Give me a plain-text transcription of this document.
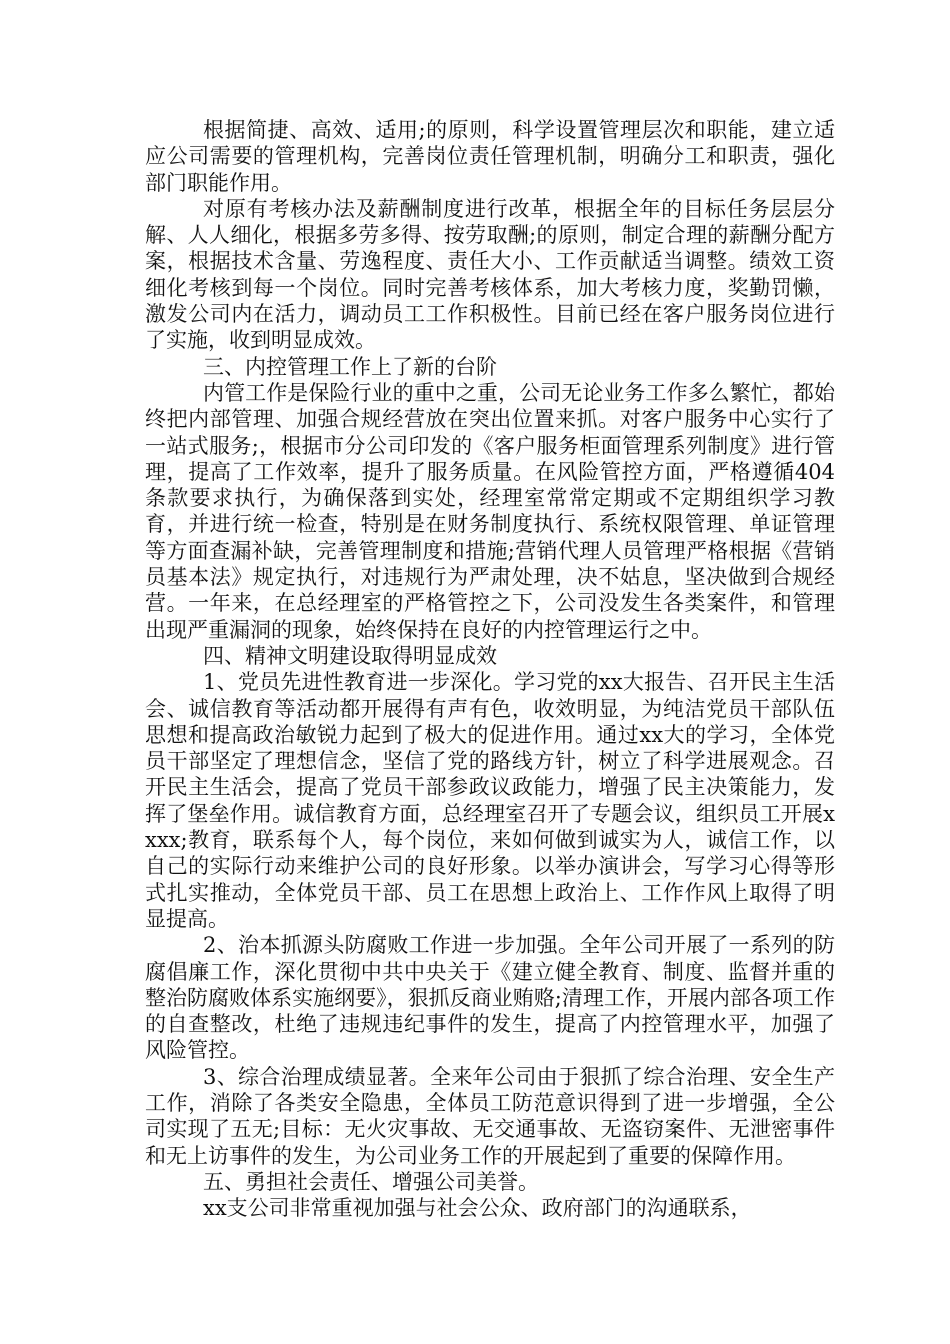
根据简捷、高效、适用;的原则，科学设置管理层次和职能，建立适应公司需要的管理机构，完善岗位责任管理机制，明确分工和职责，强化部门职能作用。

对原有考核办法及薪酬制度进行改革，根据全年的目标任务层层分解、人人细化，根据多劳多得、按劳取酬;的原则，制定合理的薪酬分配方案，根据技术含量、劳逸程度、责任大小、工作贡献适当调整。绩效工资细化考核到每一个岗位。同时完善考核体系，加大考核力度，奖勤罚懒，激发公司内在活力，调动员工工作积极性。目前已经在客户服务岗位进行了实施，收到明显成效。

三、内控管理工作上了新的台阶

内管工作是保险行业的重中之重，公司无论业务工作多么繁忙，都始终把内部管理、加强合规经营放在突出位置来抓。对客户服务中心实行了一站式服务;，根据市分公司印发的《客户服务柜面管理系列制度》进行管理，提高了工作效率，提升了服务质量。在风险管控方面，严格遵循404条款要求执行，为确保落到实处，经理室常常定期或不定期组织学习教育，并进行统一检查，特别是在财务制度执行、系统权限管理、单证管理等方面查漏补缺，完善管理制度和措施;营销代理人员管理严格根据《营销员基本法》规定执行，对违规行为严肃处理，决不姑息，坚决做到合规经营。一年来，在总经理室的严格管控之下，公司没发生各类案件，和管理出现严重漏洞的现象，始终保持在良好的内控管理运行之中。

四、精神文明建设取得明显成效

1、党员先进性教育进一步深化。学习党的xx大报告、召开民主生活会、诚信教育等活动都开展得有声有色，收效明显，为纯洁党员干部队伍思想和提高政治敏锐力起到了极大的促进作用。通过xx大的学习，全体党员干部坚定了理想信念，坚信了党的路线方针，树立了科学进展观念。召开民主生活会，提高了党员干部参政议政能力，增强了民主决策能力，发挥了堡垒作用。诚信教育方面，总经理室召开了专题会议，组织员工开展xxxx;教育，联系每个人，每个岗位，来如何做到诚实为人，诚信工作，以自己的实际行动来维护公司的良好形象。以举办演讲会，写学习心得等形式扎实推动，全体党员干部、员工在思想上政治上、工作作风上取得了明显提高。

2、治本抓源头防腐败工作进一步加强。全年公司开展了一系列的防腐倡廉工作，深化贯彻中共中央关于《建立健全教育、制度、监督并重的整治防腐败体系实施纲要》，狠抓反商业贿赂;清理工作，开展内部各项工作的自查整改，杜绝了违规违纪事件的发生，提高了内控管理水平，加强了风险管控。

3、综合治理成绩显著。全来年公司由于狠抓了综合治理、安全生产工作，消除了各类安全隐患，全体员工防范意识得到了进一步增强，全公司实现了五无;目标：无火灾事故、无交通事故、无盗窃案件、无泄密事件和无上访事件的发生，为公司业务工作的开展起到了重要的保障作用。

五、勇担社会责任、增强公司美誉。

xx支公司非常重视加强与社会公众、政府部门的沟通联系，
